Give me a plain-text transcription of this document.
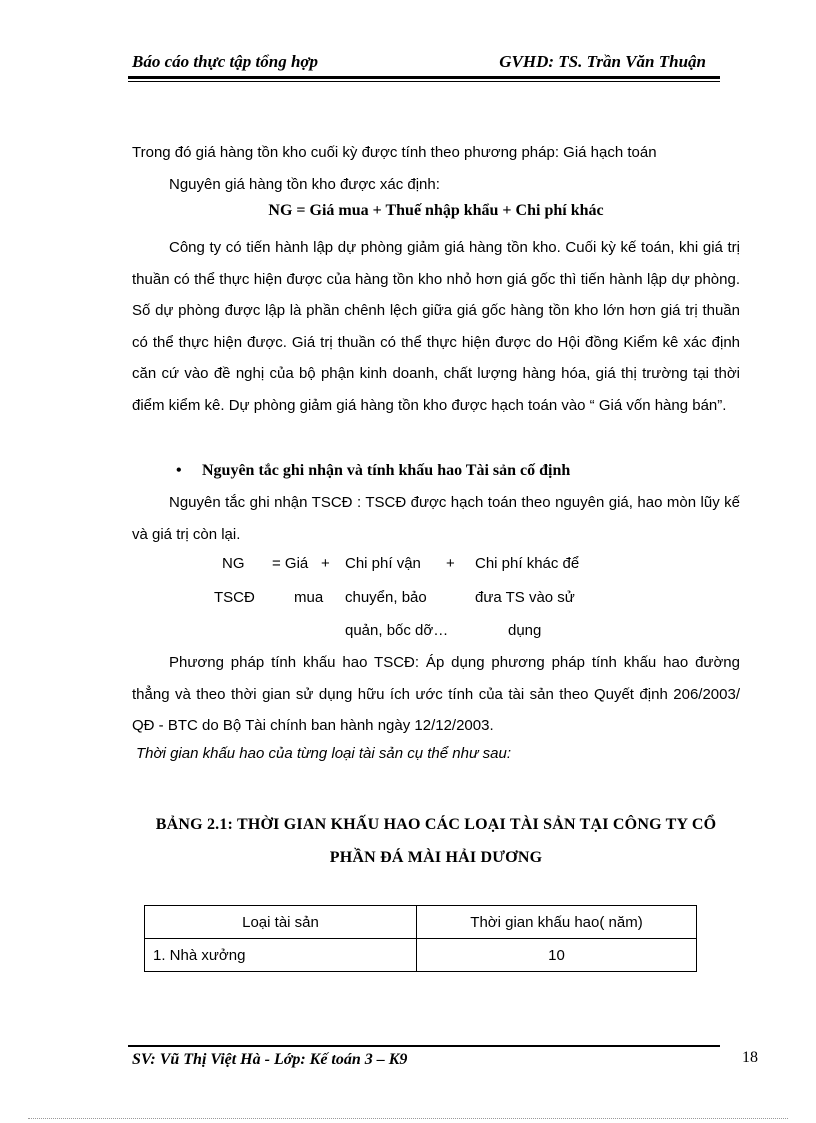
Báo cáo thực tập tổng hợp	GVHD: TS. Trần Văn Thuận

Trong đó giá hàng tồn kho cuối kỳ được tính theo phương pháp: Giá hạch toán

Nguyên giá hàng tồn kho được xác định:

NG = Giá mua + Thuế nhập khẩu + Chi phí khác

Công ty có tiến hành lập dự phòng giảm giá hàng tồn kho. Cuối kỳ kế toán, khi giá trị thuần có thể thực hiện được của hàng tồn kho nhỏ hơn giá gốc thì tiến hành lập dự phòng. Số dự phòng được lập là phần chênh lệch giữa giá gốc hàng tồn kho lớn hơn giá trị thuần có thể thực hiện được. Giá trị thuần có thể thực hiện được do Hội đồng Kiểm kê xác định căn cứ vào đề nghị của bộ phận kinh doanh, chất lượng hàng hóa, giá thị trường tại thời điểm kiểm kê. Dự phòng giảm giá hàng tồn kho được hạch toán vào “ Giá vốn hàng bán”.

• Nguyên tắc ghi nhận và tính khấu hao Tài sản cố định

Nguyên tắc ghi nhận TSCĐ : TSCĐ được hạch toán theo nguyên giá, hao mòn lũy kế và giá trị còn lại.

NG
TSCĐ
= Giá
mua
+ Chi phí vận
chuyển, bảo
quản, bốc dỡ…
+ Chi phí khác để
đưa TS vào sử
dụng

Phương pháp tính khấu hao TSCĐ: Áp dụng phương pháp tính khấu hao đường thẳng và theo thời gian sử dụng hữu ích ước tính của tài sản theo Quyết định 206/2003/ QĐ - BTC do Bộ Tài chính ban hành ngày 12/12/2003.

Thời gian khấu hao của từng loại tài sản cụ thể như sau:
BẢNG 2.1: THỜI GIAN KHẤU HAO CÁC LOẠI TÀI SẢN TẠI CÔNG TY CỔ
PHẦN ĐÁ MÀI HẢI DƯƠNG
Loại tài sản	Thời gian khấu hao( năm)
1. Nhà xưởng	10
SV: Vũ Thị Việt Hà - Lớp: Kế toán 3 – K9	18
